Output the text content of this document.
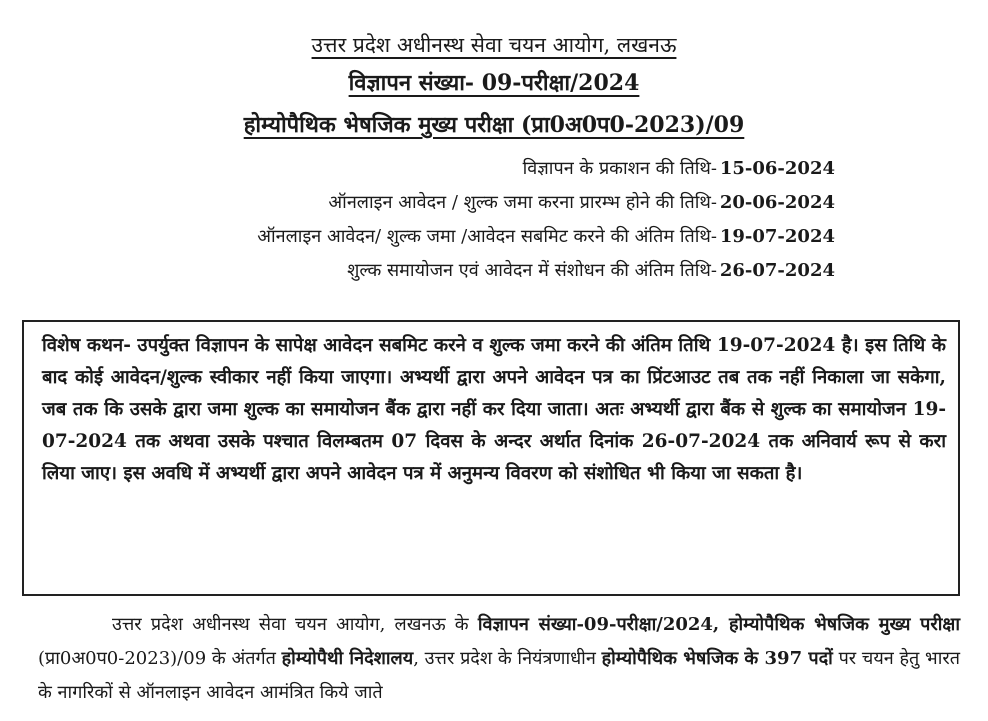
उत्तर प्रदेश अधीनस्थ सेवा चयन आयोग, लखनऊ
विज्ञापन संख्या- 09-परीक्षा/2024
होम्योपैथिक भेषजिक मुख्य परीक्षा (प्रा0अ0प0-2023)/09
विज्ञापन के प्रकाशन की तिथि- 15-06-2024
ऑनलाइन आवेदन / शुल्क जमा करना प्रारम्भ होने की तिथि- 20-06-2024
ऑनलाइन आवेदन/ शुल्क जमा /आवेदन सबमिट करने की अंतिम तिथि- 19-07-2024
शुल्क समायोजन एवं आवेदन में संशोधन की अंतिम तिथि- 26-07-2024

विशेष कथन- उपर्युक्त विज्ञापन के सापेक्ष आवेदन सबमिट करने व शुल्क जमा करने की अंतिम तिथि 19-07-2024 है। इस तिथि के बाद कोई आवेदन/शुल्क स्वीकार नहीं किया जाएगा। अभ्यर्थी द्वारा अपने आवेदन पत्र का प्रिंटआउट तब तक नहीं निकाला जा सकेगा, जब तक कि उसके द्वारा जमा शुल्क का समायोजन बैंक द्वारा नहीं कर दिया जाता। अतः अभ्यर्थी द्वारा बैंक से शुल्क का समायोजन 19-07-2024 तक अथवा उसके पश्चात विलम्बतम 07 दिवस के अन्दर अर्थात दिनांक 26-07-2024 तक अनिवार्य रूप से करा लिया जाए। इस अवधि में अभ्यर्थी द्वारा अपने आवेदन पत्र में अनुमन्य विवरण को संशोधित भी किया जा सकता है।

उत्तर प्रदेश अधीनस्थ सेवा चयन आयोग, लखनऊ के विज्ञापन संख्या-09-परीक्षा/2024, होम्योपैथिक भेषजिक मुख्य परीक्षा (प्रा0अ0प0-2023)/09 के अंतर्गत होम्योपैथी निदेशालय, उत्तर प्रदेश के नियंत्रणाधीन होम्योपैथिक भेषजिक के 397 पदों पर चयन हेतु भारत के नागरिकों से ऑनलाइन आवेदन आमंत्रित किये जाते
